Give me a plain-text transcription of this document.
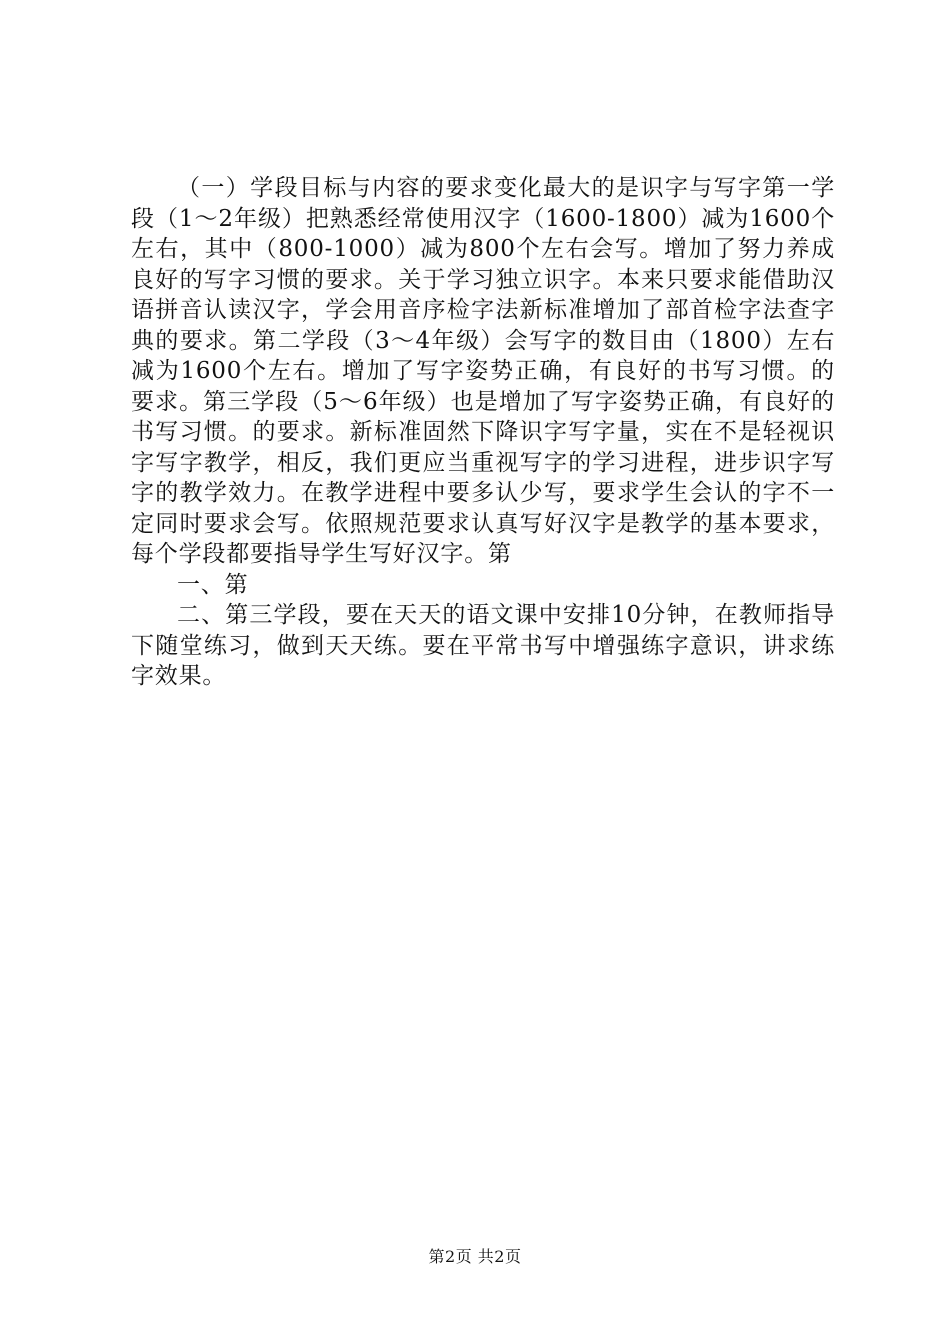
（一）学段目标与内容的要求变化最大的是识字与写字第一学段（1～2年级）把熟悉经常使用汉字（1600-1800）减为1600个左右，其中（800-1000）减为800个左右会写。增加了努力养成良好的写字习惯的要求。关于学习独立识字。本来只要求能借助汉语拼音认读汉字，学会用音序检字法新标准增加了部首检字法查字典的要求。第二学段（3～4年级）会写字的数目由（1800）左右减为1600个左右。增加了写字姿势正确，有良好的书写习惯。的要求。第三学段（5～6年级）也是增加了写字姿势正确，有良好的书写习惯。的要求。新标准固然下降识字写字量，实在不是轻视识字写字教学，相反，我们更应当重视写字的学习进程，进步识字写字的教学效力。在教学进程中要多认少写，要求学生会认的字不一定同时要求会写。依照规范要求认真写好汉字是教学的基本要求，每个学段都要指导学生写好汉字。第

一、第

二、第三学段，要在天天的语文课中安排10分钟，在教师指导下随堂练习，做到天天练。要在平常书写中增强练字意识，讲求练字效果。

第2页 共2页
